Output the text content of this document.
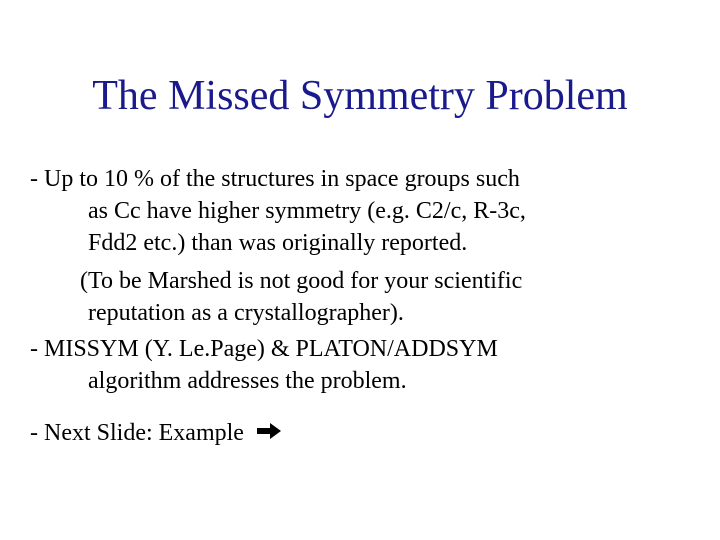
The Missed Symmetry Problem
- Up to 10 % of the structures in space groups such
as Cc have higher symmetry (e.g. C2/c, R-3c,
Fdd2 etc.) than was originally reported.
(To be Marshed is not good for your scientific
reputation as a crystallographer).
- MISSYM (Y. Le.Page) & PLATON/ADDSYM
algorithm addresses the problem.
- Next Slide: Example
